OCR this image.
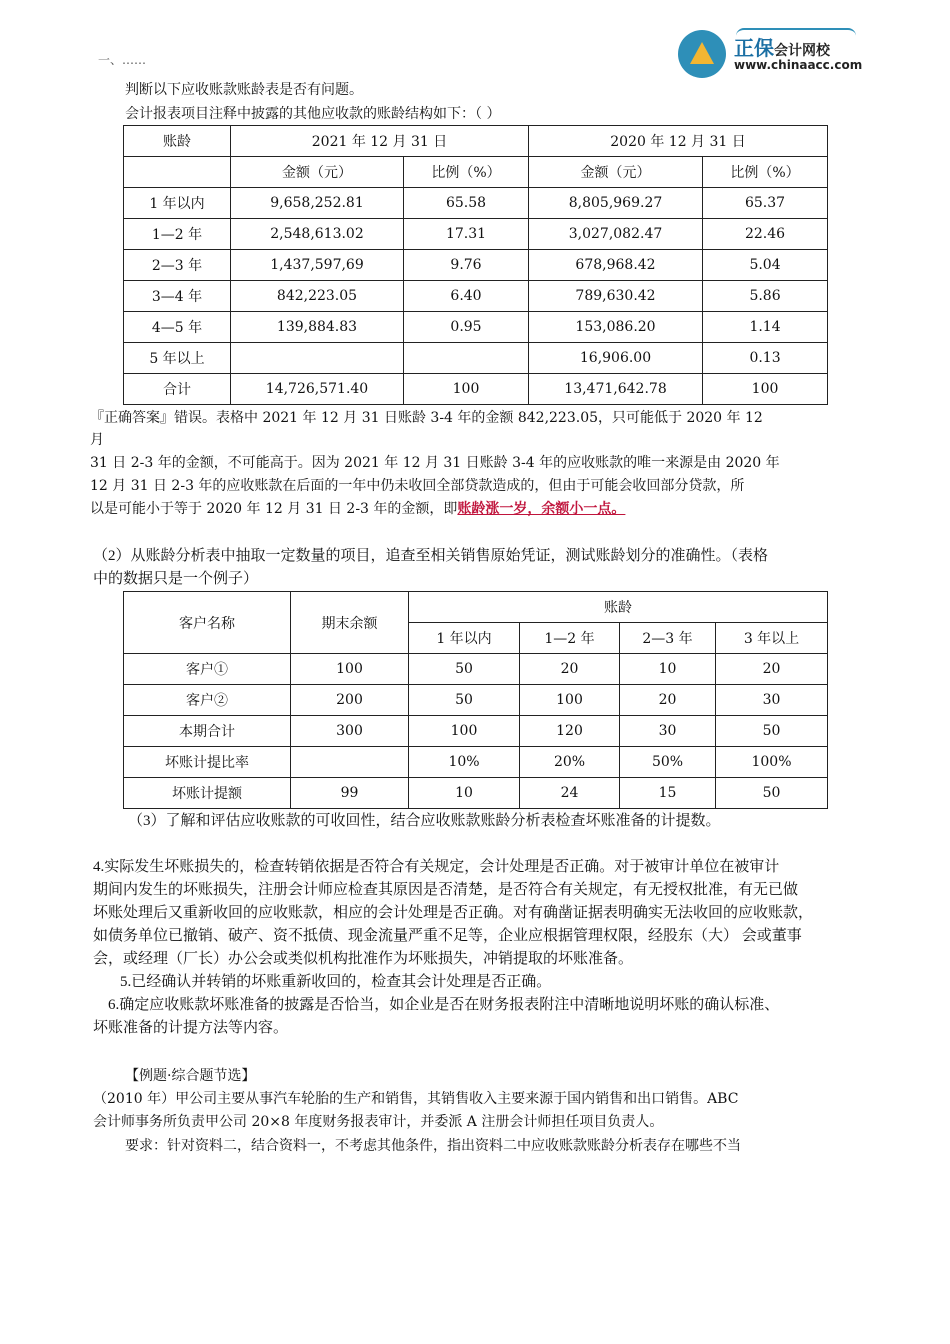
一、……	正保会计网校
www.chinaacc.com
判断以下应收账款账龄表是否有问题。
会计报表项目注释中披露的其他应收款的账龄结构如下：（ ）
账龄	2021 年 12 月 31 日		2020 年 12 月 31 日	
	金额（元）	比例（%）	金额（元）	比例（%）
1 年以内	9,658,252.81	65.58	8,805,969.27	65.37
1—2 年	2,548,613.02	17.31	3,027,082.47	22.46
2—3 年	1,437,597,69	9.76	678,968.42	5.04
3—4 年	842,223.05	6.40	789,630.42	5.86
4—5 年	139,884.83	0.95	153,086.20	1.14
5 年以上			16,906.00	0.13
合计	14,726,571.40	100	13,471,642.78	100
『正确答案』错误。表格中 2021 年 12 月 31 日账龄 3-4 年的金额 842,223.05，只可能低于 2020 年 12
月
31 日 2-3 年的金额，不可能高于。因为 2021 年 12 月 31 日账龄 3-4 年的应收账款的唯一来源是由 2020 年
12 月 31 日 2-3 年的应收账款在后面的一年中仍未收回全部贷款造成的，但由于可能会收回部分贷款，所
以是可能小于等于 2020 年 12 月 31 日 2-3 年的金额，即账龄涨一岁，余额小一点。
（2）从账龄分析表中抽取一定数量的项目，追查至相关销售原始凭证，测试账龄划分的准确性。（表格
中的数据只是一个例子）
客户名称	期末余额	账龄			
		1 年以内	1—2 年	2—3 年	3 年以上
客户①	100	50	20	10	20
客户②	200	50	100	20	30
本期合计	300	100	120	30	50
坏账计提比率		10%	20%	50%	100%
坏账计提额	99	10	24	15	50
（3）了解和评估应收账款的可收回性，结合应收账款账龄分析表检查坏账准备的计提数。
4.实际发生坏账损失的，检查转销依据是否符合有关规定，会计处理是否正确。对于被审计单位在被审计
期间内发生的坏账损失，注册会计师应检查其原因是否清楚，是否符合有关规定，有无授权批准，有无已做
坏账处理后又重新收回的应收账款，相应的会计处理是否正确。对有确凿证据表明确实无法收回的应收账款，
如债务单位已撤销、破产、资不抵债、现金流量严重不足等，企业应根据管理权限，经股东（大） 会或董事
会，或经理（厂长）办公会或类似机构批准作为坏账损失，冲销提取的坏账准备。
5.已经确认并转销的坏账重新收回的，检查其会计处理是否正确。
6.确定应收账款坏账准备的披露是否恰当，如企业是否在财务报表附注中清晰地说明坏账的确认标准、
坏账准备的计提方法等内容。
【例题·综合题节选】
（2010 年）甲公司主要从事汽车轮胎的生产和销售，其销售收入主要来源于国内销售和出口销售。ABC
会计师事务所负责甲公司 20×8 年度财务报表审计，并委派 A 注册会计师担任项目负责人。
要求：针对资料二，结合资料一，不考虑其他条件，指出资料二中应收账款账龄分析表存在哪些不当
